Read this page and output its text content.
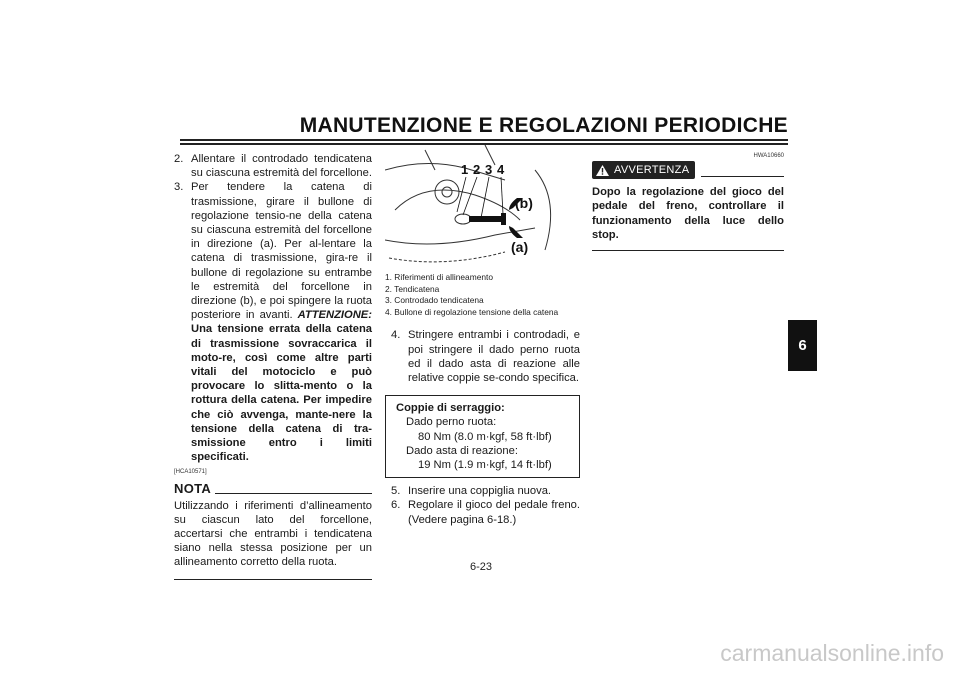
MANUTENZIONE E REGOLAZIONI PERIODICHE
6
2. Allentare il controdado tendicatena su ciascuna estremità del forcellone.
3. Per tendere la catena di trasmissione, girare il bullone di regolazione tensio-ne della catena su ciascuna estremità del forcellone in direzione (a). Per al-lentare la catena di trasmissione, gira-re il bullone di regolazione su entrambe le estremità del forcellone in direzione (b), e poi spingere la ruota posteriore in avanti. ATTENZIONE: Una tensione errata della catena di trasmissione sovraccarica il moto-re, così come altre parti vitali del motociclo e può provocare lo slitta-mento o la rottura della catena. Per impedire che ciò avvenga, mante-nere la tensione della catena di tra-smissione entro i limiti specificati.
[HCA10571]
NOTA
Utilizzando i riferimenti d’allineamento su ciascun lato del forcellone, accertarsi che entrambi i tendicatena siano nella stessa posizione per un allineamento corretto della ruota.
1 2 3 4
(b)
(a)
1. Riferimenti di allineamento
2. Tendicatena
3. Controdado tendicatena
4. Bullone di regolazione tensione della catena
4. Stringere entrambi i controdadi, e poi stringere il dado perno ruota ed il dado asta di reazione alle relative coppie se-condo specifica.
Coppie di serraggio:
Dado perno ruota:
80 Nm (8.0 m·kgf, 58 ft·lbf)
Dado asta di reazione:
19 Nm (1.9 m·kgf, 14 ft·lbf)
5. Inserire una coppiglia nuova.
6. Regolare il gioco del pedale freno. (Vedere pagina 6-18.)
HWA10660
AVVERTENZA
Dopo la regolazione del gioco del pedale del freno, controllare il funzionamento della luce dello stop.
6-23
carmanualsonline.info
